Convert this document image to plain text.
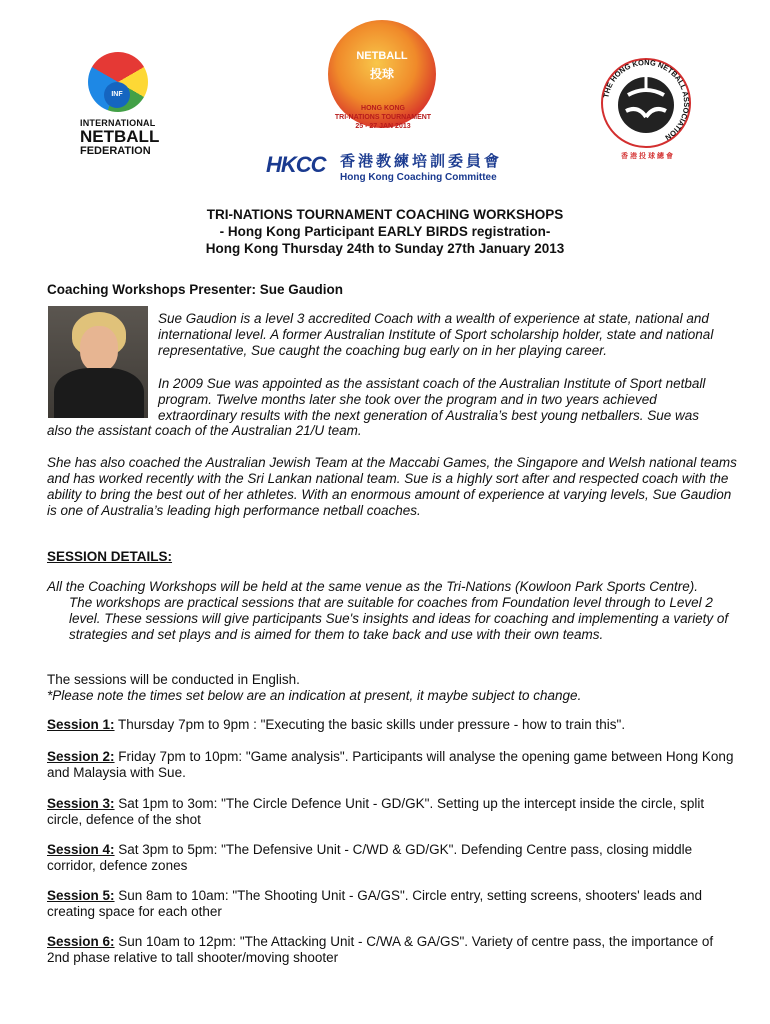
INF
INTERNATIONAL
NETBALL
FEDERATION
NETBALL
投球
HONG KONG
TRI-NATIONS TOURNAMENT
25 - 27 JAN 2013
HKCC 香港教練培訓委員會
Hong Kong Coaching Committee
THE HONG KONG NETBALL ASSOCIATION
香港投球總會
TRI-NATIONS TOURNAMENT COACHING WORKSHOPS
- Hong Kong Participant EARLY BIRDS registration-
Hong Kong Thursday 24th to Sunday 27th January 2013
Coaching Workshops Presenter: Sue Gaudion
Sue Gaudion is a level 3 accredited Coach with a wealth of experience at state, national and international level. A former Australian Institute of Sport scholarship holder, state and national representative, Sue caught the coaching bug early on in her playing career.
In 2009 Sue was appointed as the assistant coach of the Australian Institute of Sport netball program. Twelve months later she took over the program and in two years achieved extraordinary results with the next generation of Australia’s best young netballers. Sue was
also the assistant coach of the Australian 21/U team.
She has also coached the Australian Jewish Team at the Maccabi Games, the Singapore and Welsh national teams and has worked recently with the Sri Lankan national team. Sue is a highly sort after and respected coach with the ability to bring the best out of her athletes. With an enormous amount of experience at varying levels, Sue Gaudion is one of Australia’s leading high performance netball coaches.
SESSION DETAILS:
All the Coaching Workshops will be held at the same venue as the Tri-Nations (Kowloon Park Sports Centre).
The workshops are practical sessions that are suitable for coaches from Foundation level through to Level 2 level. These sessions will give participants Sue's insights and ideas for coaching and implementing a variety of strategies and set plays and is aimed for them to take back and use with their own teams.
The sessions will be conducted in English.
*Please note the times set below are an indication at present, it maybe subject to change.
Session 1: Thursday 7pm to 9pm : "Executing the basic skills under pressure - how to train this".
Session 2: Friday 7pm to 10pm: "Game analysis". Participants will analyse the opening game between Hong Kong and Malaysia with Sue.
Session 3: Sat 1pm to 3om: "The Circle Defence Unit - GD/GK". Setting up the intercept inside the circle, split circle, defence of the shot
Session 4: Sat 3pm to 5pm: "The Defensive Unit - C/WD & GD/GK". Defending Centre pass, closing middle corridor, defence zones
Session 5: Sun 8am to 10am: "The Shooting Unit - GA/GS". Circle entry, setting screens, shooters' leads and creating space for each other
Session 6: Sun 10am to 12pm: "The Attacking Unit - C/WA & GA/GS". Variety of centre pass, the importance of 2nd phase relative to tall shooter/moving shooter
